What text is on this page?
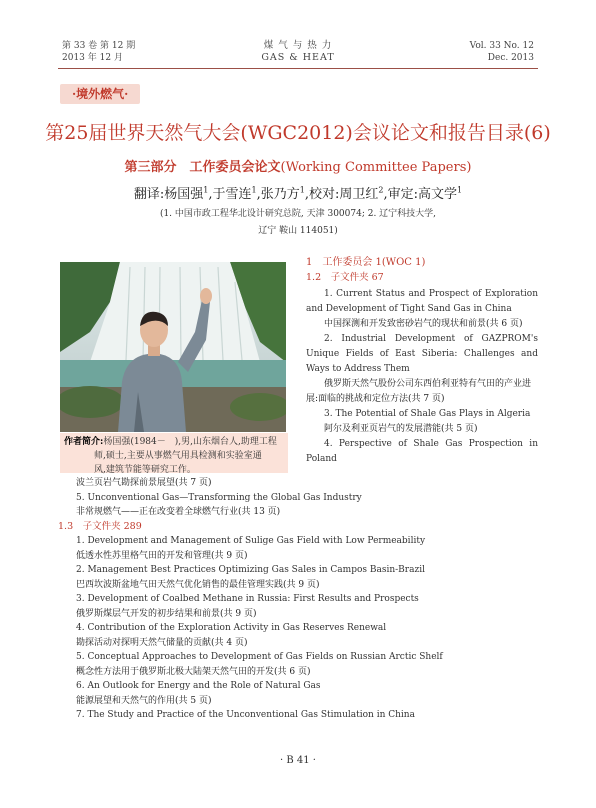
第 33 卷 第 12 期
2013 年 12 月
煤 气 与 热 力
GAS & HEAT
Vol. 33 No. 12
Dec. 2013
·境外燃气·
第25届世界天然气大会(WGC2012)会议论文和报告目录(6)
第三部分　工作委员会论文(Working Committee Papers)
翻译:杨国强$^1$,于雪连$^1$,张乃方$^1$,校对:周卫红$^2$,审定:高文学$^1$
(1. 中国市政工程华北设计研究总院, 天津 300074; 2. 辽宁科技大学,
辽宁 鞍山 114051)
作者简介:杨国强(1984－　),男,山东烟台人,助理工程
师,硕士,主要从事燃气用具检测和实验室通
风,建筑节能等研究工作。
1　工作委员会 1(WOC 1)
1.2　子文件夹 67
1. Current Status and Prospect of Exploration and Development of Tight Sand Gas in China
中国探测和开发致密砂岩气的现状和前景(共 6 页)
2. Industrial Development of GAZPROM's Unique Fields of East Siberia: Challenges and Ways to Address Them
俄罗斯天然气股份公司东西伯利亚特有气田的产业进展:面临的挑战和定位方法(共 7 页)
3. The Potential of Shale Gas Plays in Algeria
阿尔及利亚页岩气的发展潜能(共 5 页)
4. Perspective of Shale Gas Prospection in Poland
波兰页岩气勘探前景展望(共 7 页)
5. Unconventional Gas—Transforming the Global Gas Industry
非常规燃气——正在改变着全球燃气行业(共 13 页)
1.3　子文件夹 289
1. Development and Management of Sulige Gas Field with Low Permeability
低透水性苏里格气田的开发和管理(共 9 页)
2. Management Best Practices Optimizing Gas Sales in Campos Basin-Brazil
巴西坎波斯盆地气田天然气优化销售的最佳管理实践(共 9 页)
3. Development of Coalbed Methane in Russia: First Results and Prospects
俄罗斯煤层气开发的初步结果和前景(共 9 页)
4. Contribution of the Exploration Activity in Gas Reserves Renewal
勘探活动对探明天然气储量的贡献(共 4 页)
5. Conceptual Approaches to Development of Gas Fields on Russian Arctic Shelf
概念性方法用于俄罗斯北极大陆架天然气田的开发(共 6 页)
6. An Outlook for Energy and the Role of Natural Gas
能源展望和天然气的作用(共 5 页)
7. The Study and Practice of the Unconventional Gas Stimulation in China
· B 41 ·
